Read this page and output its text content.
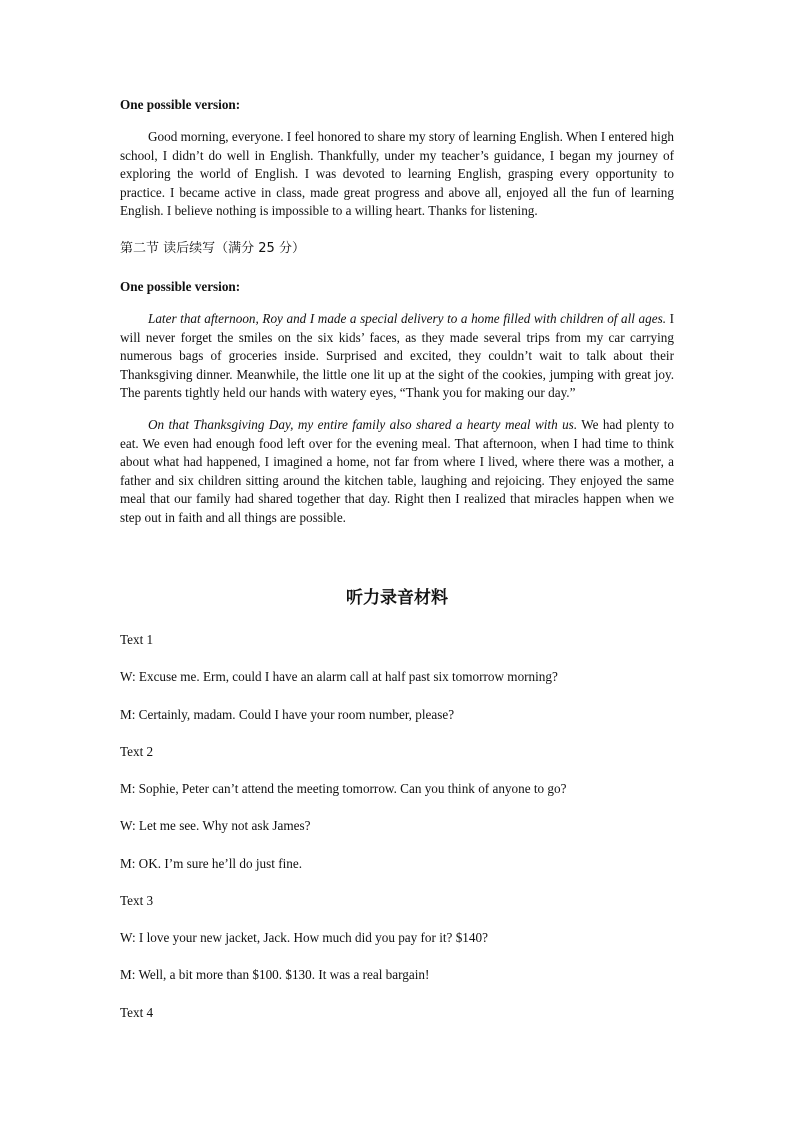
One possible version:
Good morning, everyone. I feel honored to share my story of learning English. When I entered high school, I didn’t do well in English. Thankfully, under my teacher’s guidance, I began my journey of exploring the world of English. I was devoted to learning English, grasping every opportunity to practice. I became active in class, made great progress and above all, enjoyed all the fun of learning English. I believe nothing is impossible to a willing heart. Thanks for listening.
第二节 读后续写（满分 25 分）
One possible version:
Later that afternoon, Roy and I made a special delivery to a home filled with children of all ages. I will never forget the smiles on the six kids’ faces, as they made several trips from my car carrying numerous bags of groceries inside. Surprised and excited, they couldn’t wait to talk about their Thanksgiving dinner. Meanwhile, the little one lit up at the sight of the cookies, jumping with great joy. The parents tightly held our hands with watery eyes, “Thank you for making our day.”
On that Thanksgiving Day, my entire family also shared a hearty meal with us. We had plenty to eat. We even had enough food left over for the evening meal. That afternoon, when I had time to think about what had happened, I imagined a home, not far from where I lived, where there was a mother, a father and six children sitting around the kitchen table, laughing and rejoicing. They enjoyed the same meal that our family had shared together that day. Right then I realized that miracles happen when we step out in faith and all things are possible.
听力录音材料
Text 1
W: Excuse me. Erm, could I have an alarm call at half past six tomorrow morning?
M: Certainly, madam. Could I have your room number, please?
Text 2
M: Sophie, Peter can’t attend the meeting tomorrow. Can you think of anyone to go?
W: Let me see. Why not ask James?
M: OK. I’m sure he’ll do just fine.
Text 3
W: I love your new jacket, Jack. How much did you pay for it? $140?
M: Well, a bit more than $100. $130. It was a real bargain!
Text 4
